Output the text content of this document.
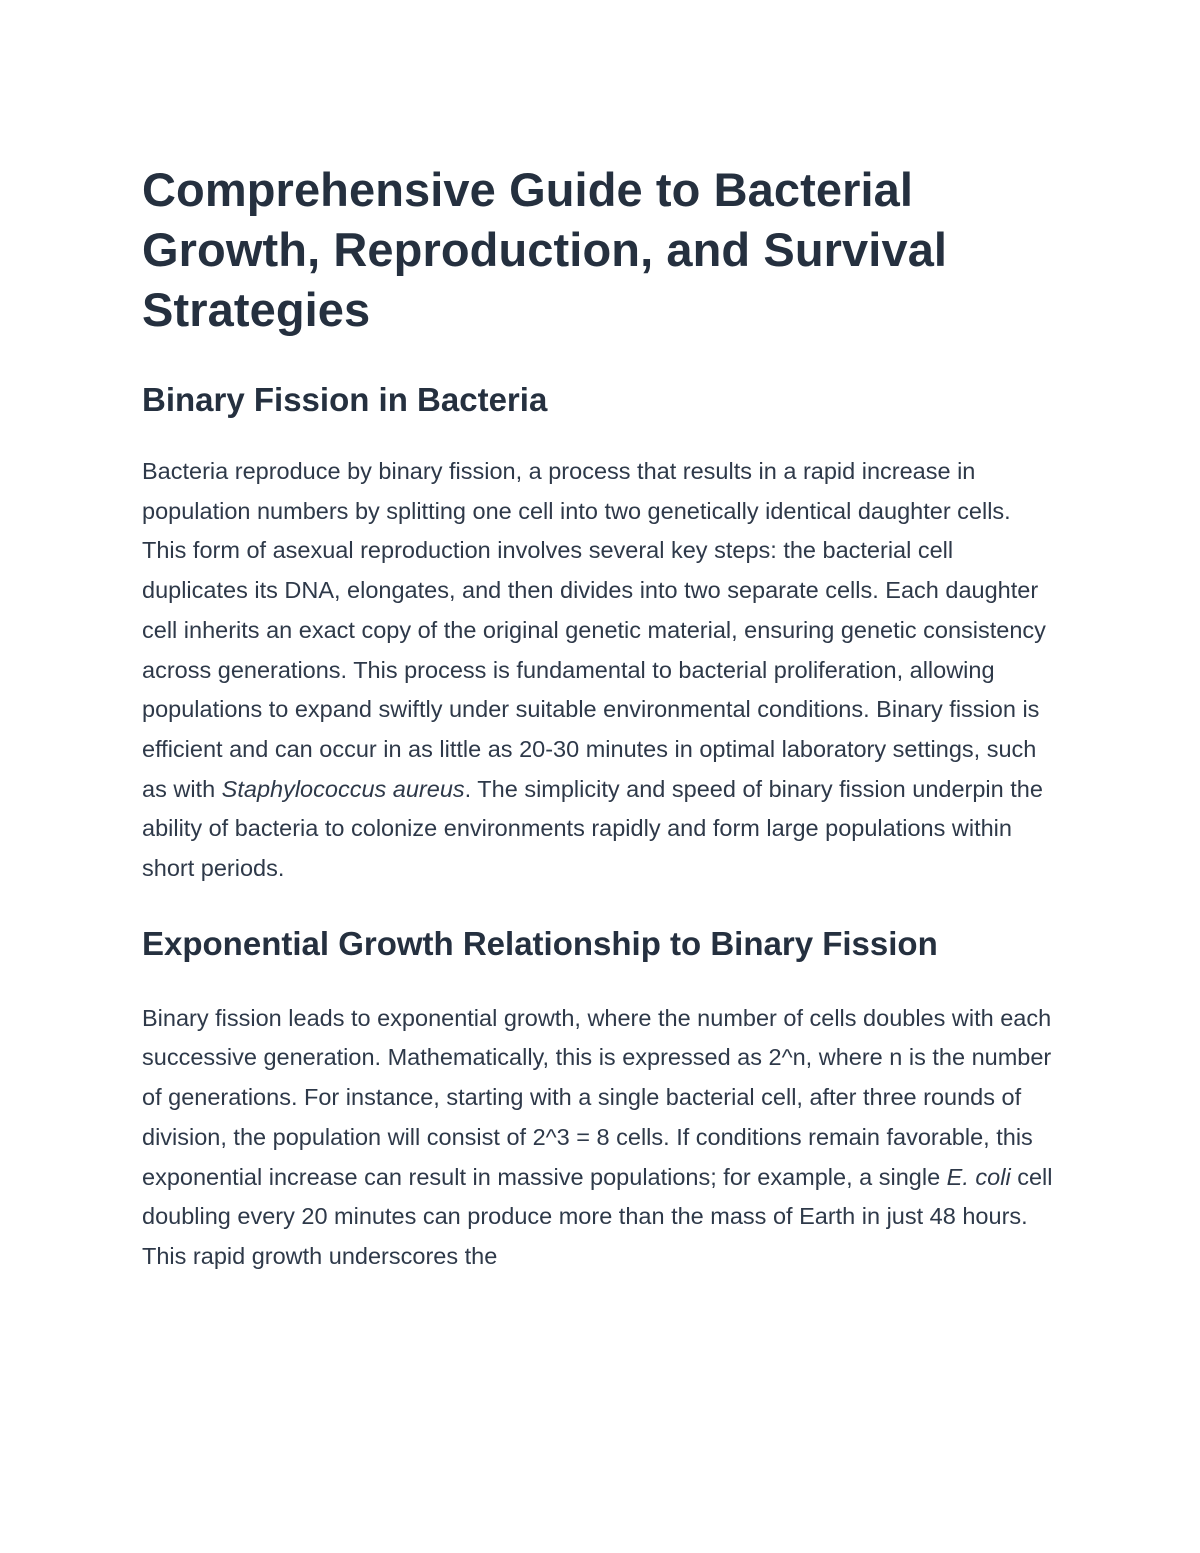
Comprehensive Guide to Bacterial Growth, Reproduction, and Survival Strategies
Binary Fission in Bacteria

Bacteria reproduce by binary fission, a process that results in a rapid increase in population numbers by splitting one cell into two genetically identical daughter cells. This form of asexual reproduction involves several key steps: the bacterial cell duplicates its DNA, elongates, and then divides into two separate cells. Each daughter cell inherits an exact copy of the original genetic material, ensuring genetic consistency across generations. This process is fundamental to bacterial proliferation, allowing populations to expand swiftly under suitable environmental conditions. Binary fission is efficient and can occur in as little as 20-30 minutes in optimal laboratory settings, such as with Staphylococcus aureus. The simplicity and speed of binary fission underpin the ability of bacteria to colonize environments rapidly and form large populations within short periods.

Exponential Growth Relationship to Binary Fission

Binary fission leads to exponential growth, where the number of cells doubles with each successive generation. Mathematically, this is expressed as 2^n, where n is the number of generations. For instance, starting with a single bacterial cell, after three rounds of division, the population will consist of 2^3 = 8 cells. If conditions remain favorable, this exponential increase can result in massive populations; for example, a single E. coli cell doubling every 20 minutes can produce more than the mass of Earth in just 48 hours. This rapid growth underscores the
